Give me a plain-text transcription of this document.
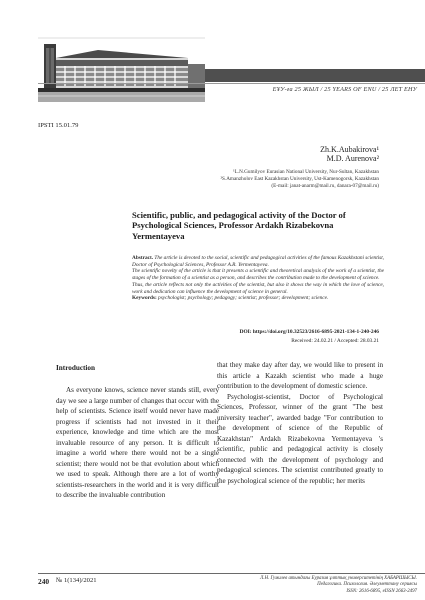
ЕҰУ-ға 25 ЖЫЛ / 25 YEARS OF ENU / 25 ЛЕТ ЕНУ
IPSTI 15.01.79
Zh.K.Aubakirova¹
M.D. Aurenova²
¹L.N.Gumilyov Eurasian National University, Nur-Sultan, Kazakhstan
²S.Amanzholov East Kazakhstan University, Ust-Kamenogorsk, Kazakhstan
(E-mail: janat-anarm@mail.ru, danara-07@mail.ru)
Scientific, public, and pedagogical activity of the Doctor of Psychological Sciences, Professor Ardakh Rizabekovna Yermentayeva
Abstract. The article is devoted to the social, scientific and pedagogical activities of the famous Kazakhstani scientist, Doctor of Psychological Sciences, Professor A.R. Yermentayeva.
The scientific novelty of the article is that it presents a scientific and theoretical analysis of the work of a scientist, the stages of the formation of a scientist as a person, and describes the contribution made to the development of science.
Thus, the article reflects not only the activities of the scientist, but also it shows the way in which the love of science, work and dedication can influence the development of science in general.
Keywords: psychologist; psychology; pedagogy; scientist; professor; development; science.
DOI: https://doi.org/10.32523/2616-6895-2021-134-1-240-246
Received: 24.02.21 / Accepted: 28.03.21
Introduction

As everyone knows, science never stands still, every day we see a large number of changes that occur with the help of scientists. Science itself would never have made progress if scientists had not invested in it their experience, knowledge and time which are the most invaluable resource of any person. It is difficult to imagine a world where there would not be a single scientist; there would not be that evolution about which we used to speak. Although there are a lot of worthy scientists-researchers in the world and it is very difficult to describe the invaluable contribution

that they make day after day, we would like to present in this article a Kazakh scientist who made a huge contribution to the development of domestic science.

Psychologist-scientist, Doctor of Psychological Sciences, Professor, winner of the grant "The best university teacher", awarded badge "For contribution to the development of science of the Republic of Kazakhstan" Ardakh Rizabekovna Yermentayeva 's scientific, public and pedagogical activity is closely connected with the development of psychology and pedagogical sciences. The scientist contributed greatly to the psychological science of the republic; her merits

240 № 1(134)/2021	Л.Н. Гумилев атындағы Еуразия ұлттық университетінің ХАБАРШЫСЫ.
Педагогика. Психология. Әлеуметтану сериясы
ISSN: 2616-6895, eISSN 2663-2497
